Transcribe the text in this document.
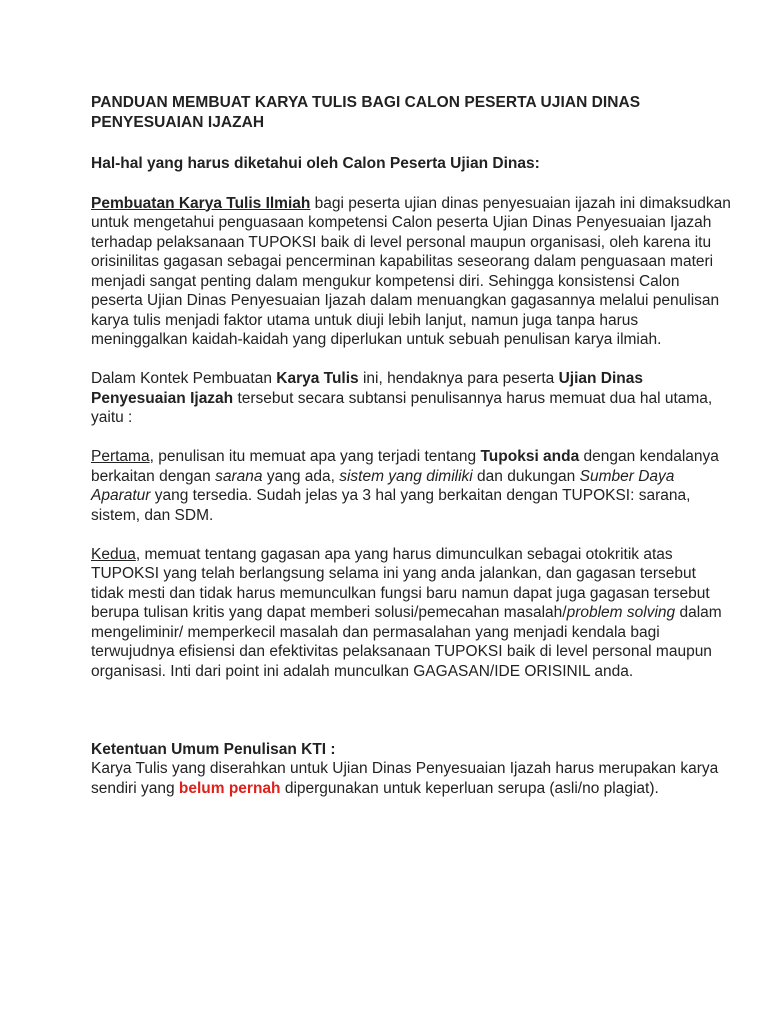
PANDUAN MEMBUAT KARYA TULIS BAGI CALON PESERTA UJIAN DINAS PENYESUAIAN IJAZAH
Hal-hal yang harus diketahui oleh Calon Peserta Ujian Dinas:

Pembuatan Karya Tulis Ilmiah bagi peserta ujian dinas penyesuaian ijazah ini dimaksudkan untuk mengetahui penguasaan kompetensi Calon peserta Ujian Dinas Penyesuaian Ijazah terhadap pelaksanaan TUPOKSI baik di level personal maupun organisasi, oleh karena itu orisinilitas gagasan sebagai pencerminan kapabilitas seseorang dalam penguasaan materi menjadi sangat penting dalam mengukur kompetensi diri. Sehingga konsistensi Calon peserta Ujian Dinas Penyesuaian Ijazah dalam menuangkan gagasannya melalui penulisan karya tulis menjadi faktor utama untuk diuji lebih lanjut, namun juga tanpa harus meninggalkan kaidah-kaidah yang diperlukan untuk sebuah penulisan karya ilmiah.

Dalam Kontek Pembuatan Karya Tulis ini, hendaknya para peserta Ujian Dinas Penyesuaian Ijazah tersebut secara subtansi penulisannya harus memuat dua hal utama, yaitu :

Pertama, penulisan itu memuat apa yang terjadi tentang Tupoksi anda dengan kendalanya berkaitan dengan sarana yang ada, sistem yang dimiliki dan dukungan Sumber Daya Aparatur yang tersedia. Sudah jelas ya 3 hal yang berkaitan dengan TUPOKSI: sarana, sistem, dan SDM.

Kedua, memuat tentang gagasan apa yang harus dimunculkan sebagai otokritik atas TUPOKSI yang telah berlangsung selama ini yang anda jalankan, dan gagasan tersebut tidak mesti dan tidak harus memunculkan fungsi baru namun dapat juga gagasan tersebut berupa tulisan kritis yang dapat memberi solusi/pemecahan masalah/problem solving dalam mengeliminir/ memperkecil masalah dan permasalahan yang menjadi kendala bagi terwujudnya efisiensi dan efektivitas pelaksanaan TUPOKSI baik di level personal maupun organisasi. Inti dari point ini adalah munculkan GAGASAN/IDE ORISINIL anda.

Ketentuan Umum Penulisan KTI :
Karya Tulis yang diserahkan untuk Ujian Dinas Penyesuaian Ijazah harus merupakan karya sendiri yang belum pernah dipergunakan untuk keperluan serupa (asli/no plagiat).
